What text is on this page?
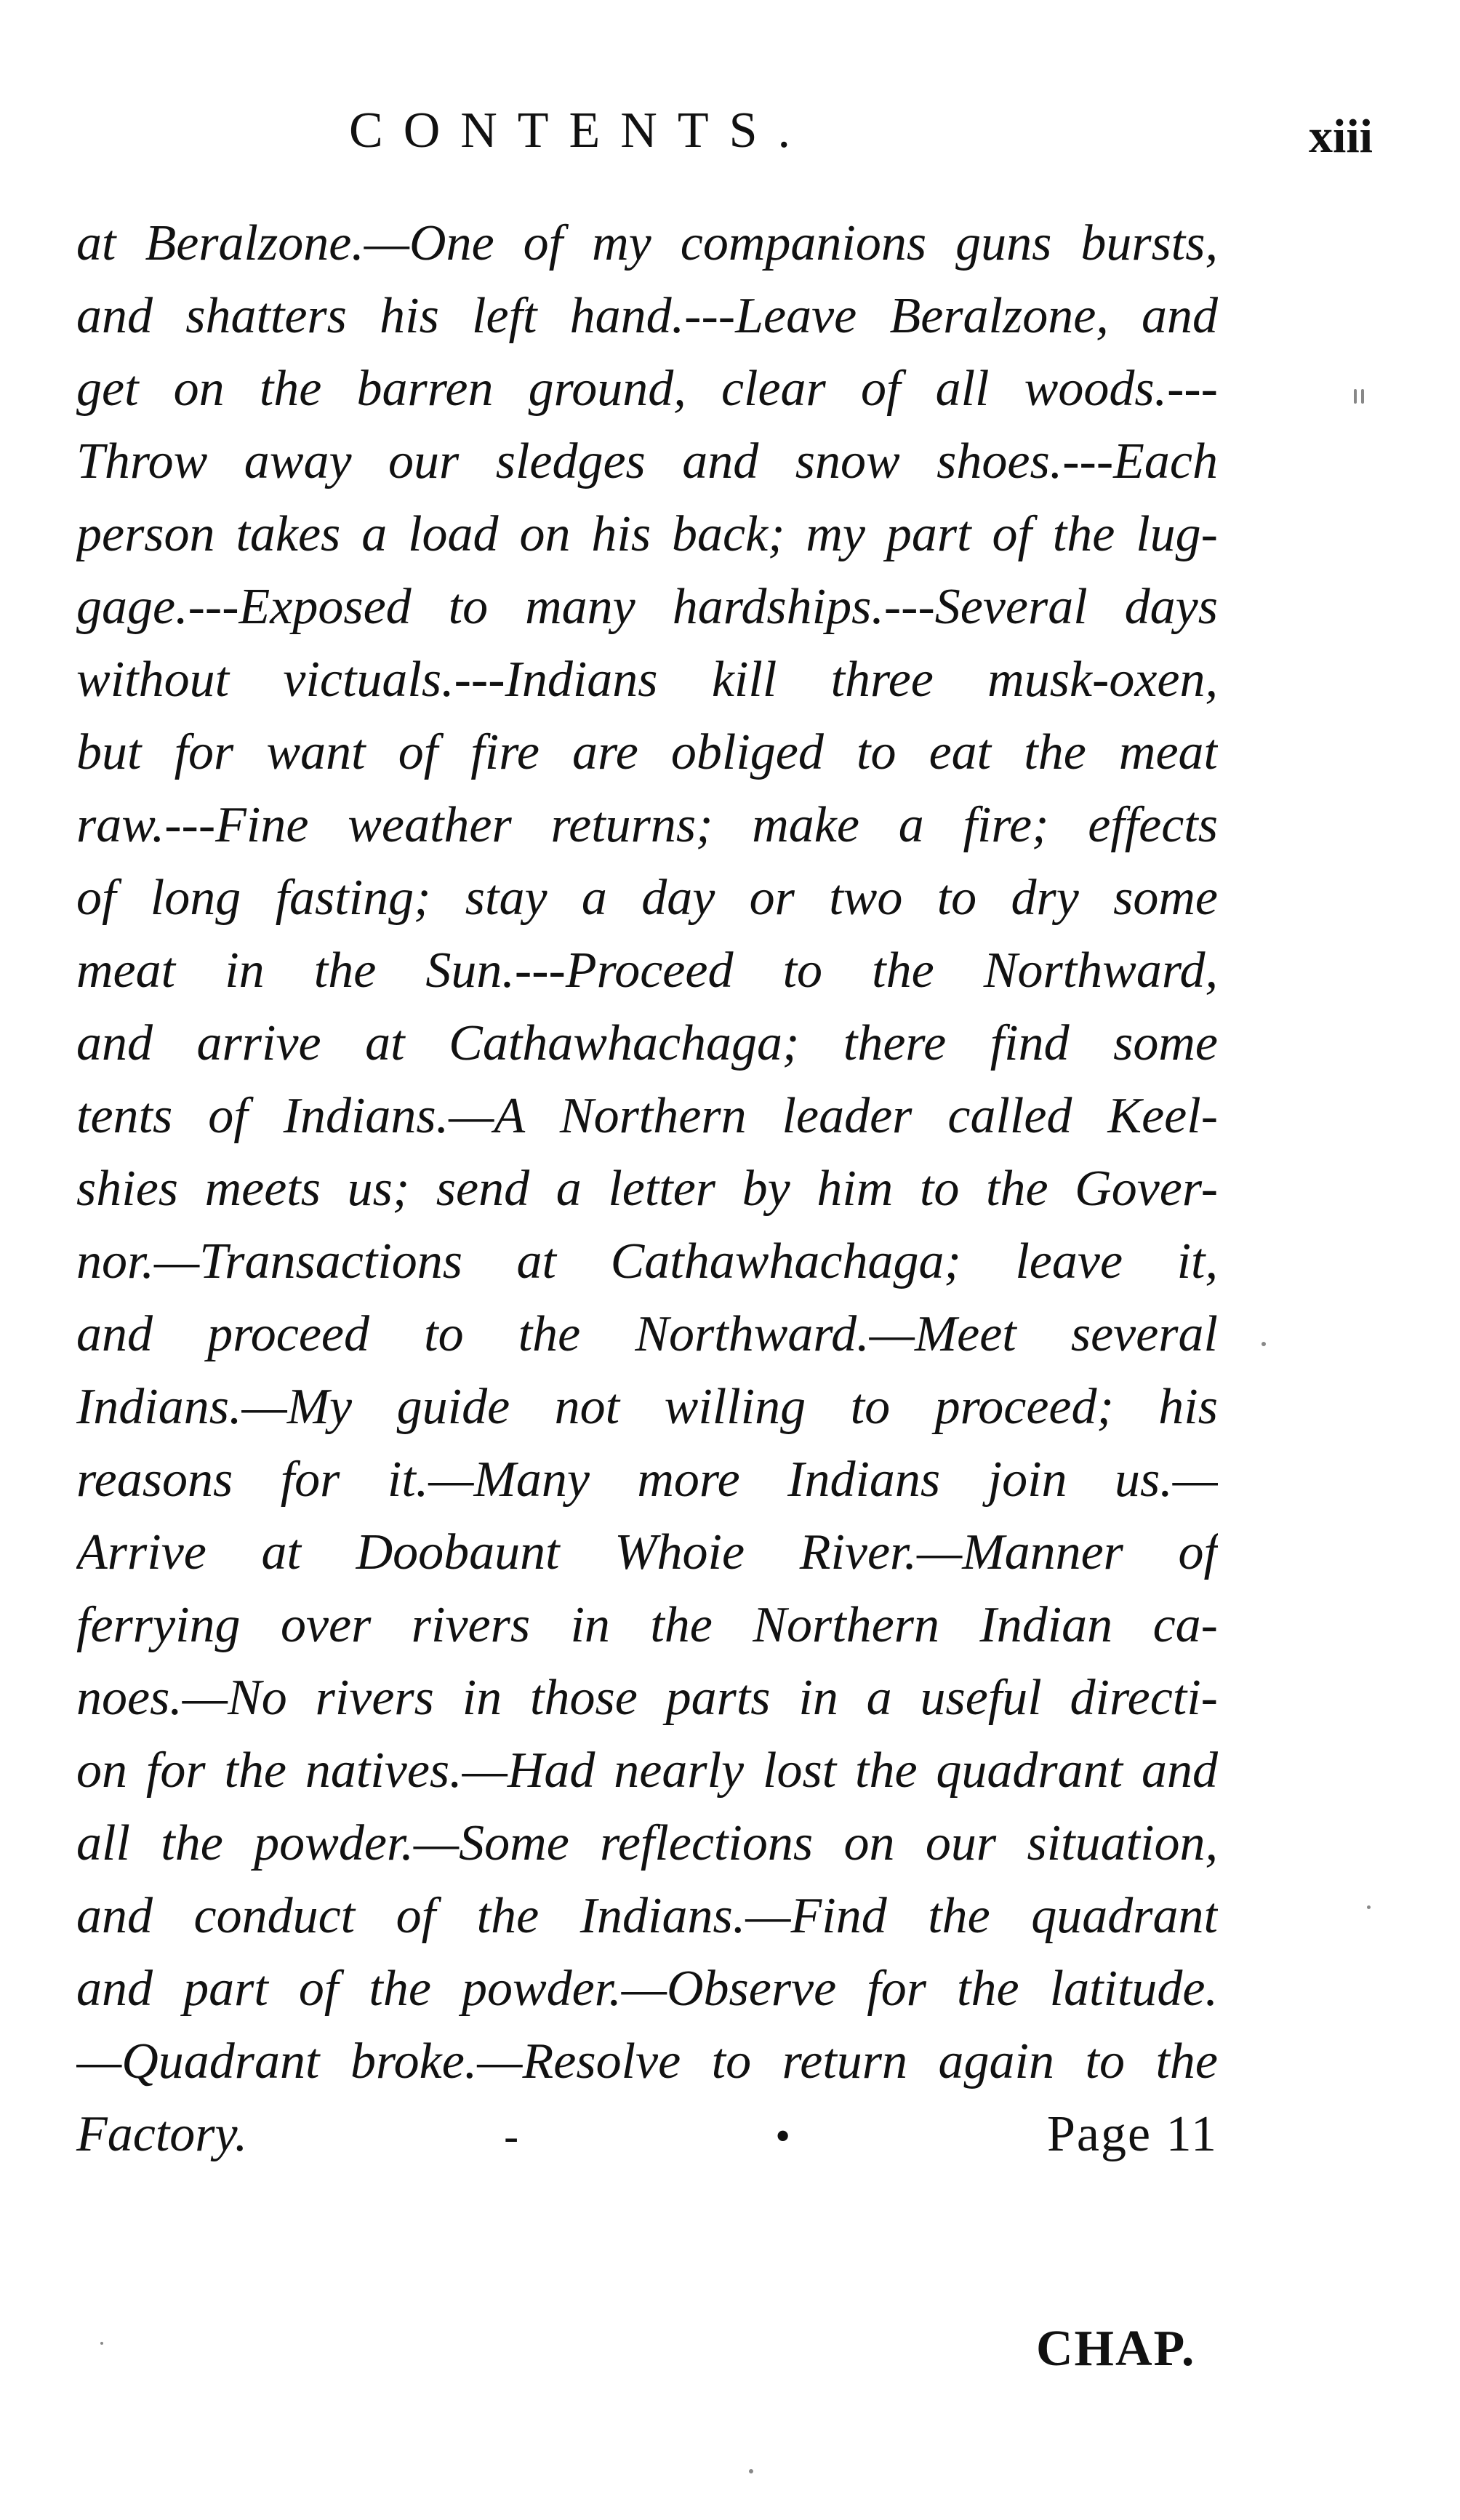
CONTENTS.	xiii
at Beralzone.—One of my companions guns bursts,
and shatters his left hand.---Leave Beralzone, and
get on the barren ground, clear of all woods.---
Throw away our sledges and snow shoes.---Each
person takes a load on his back; my part of the lug-
gage.---Exposed to many hardships.---Several days
without victuals.---Indians kill three musk-oxen,
but for want of fire are obliged to eat the meat
raw.---Fine weather returns; make a fire; effects
of long fasting; stay a day or two to dry some
meat in the Sun.---Proceed to the Northward,
and arrive at Cathawhachaga; there find some
tents of Indians.—A Northern leader called Keel-
shies meets us; send a letter by him to the Gover-
nor.—Transactions at Cathawhachaga; leave it,
and proceed to the Northward.—Meet several
Indians.—My guide not willing to proceed; his
reasons for it.—Many more Indians join us.—
Arrive at Doobaunt Whoie River.—Manner of
ferrying over rivers in the Northern Indian ca-
noes.—No rivers in those parts in a useful directi-
on for the natives.—Had nearly lost the quadrant and
all the powder.—Some reflections on our situation,
and conduct of the Indians.—Find the quadrant
and part of the powder.—Observe for the latitude.
—Quadrant broke.—Resolve to return again to the
Factory.	-	•	Page 11
CHAP.
